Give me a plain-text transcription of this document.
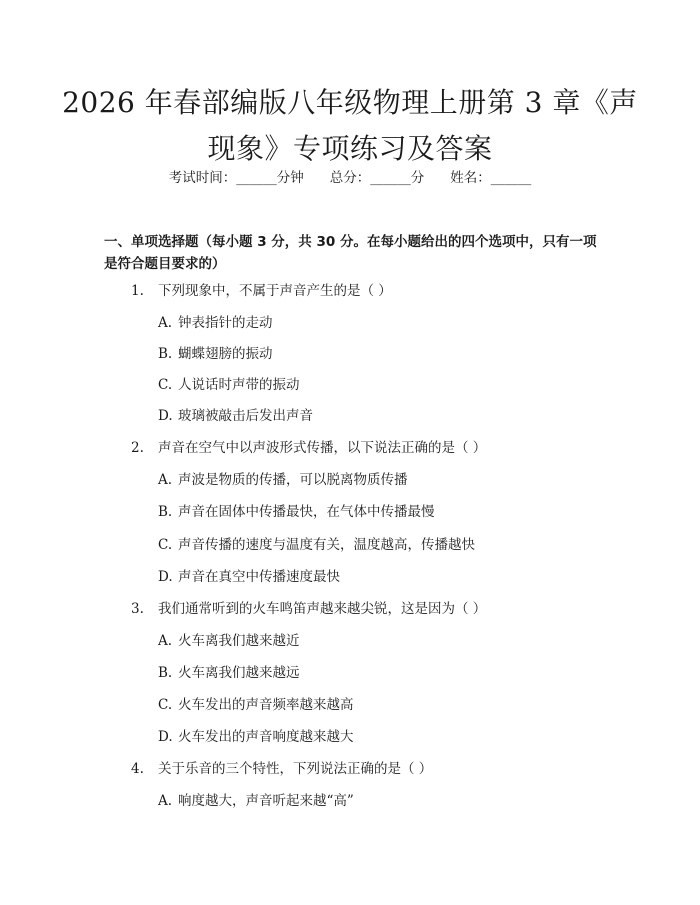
2026 年春部编版八年级物理上册第 3 章《声
现象》专项练习及答案
考试时间：______分钟 总分：______分 姓名：______
一、单项选择题（每小题 3 分，共 30 分。在每小题给出的四个选项中，只有一项是符合题目要求的）
1. 下列现象中，不属于声音产生的是（ ）
A. 钟表指针的走动
B. 蝴蝶翅膀的振动
C. 人说话时声带的振动
D. 玻璃被敲击后发出声音
2. 声音在空气中以声波形式传播，以下说法正确的是（ ）
A. 声波是物质的传播，可以脱离物质传播
B. 声音在固体中传播最快，在气体中传播最慢
C. 声音传播的速度与温度有关，温度越高，传播越快
D. 声音在真空中传播速度最快
3. 我们通常听到的火车鸣笛声越来越尖锐，这是因为（ ）
A. 火车离我们越来越近
B. 火车离我们越来越远
C. 火车发出的声音频率越来越高
D. 火车发出的声音响度越来越大
4. 关于乐音的三个特性，下列说法正确的是（ ）
A. 响度越大，声音听起来越“高”
